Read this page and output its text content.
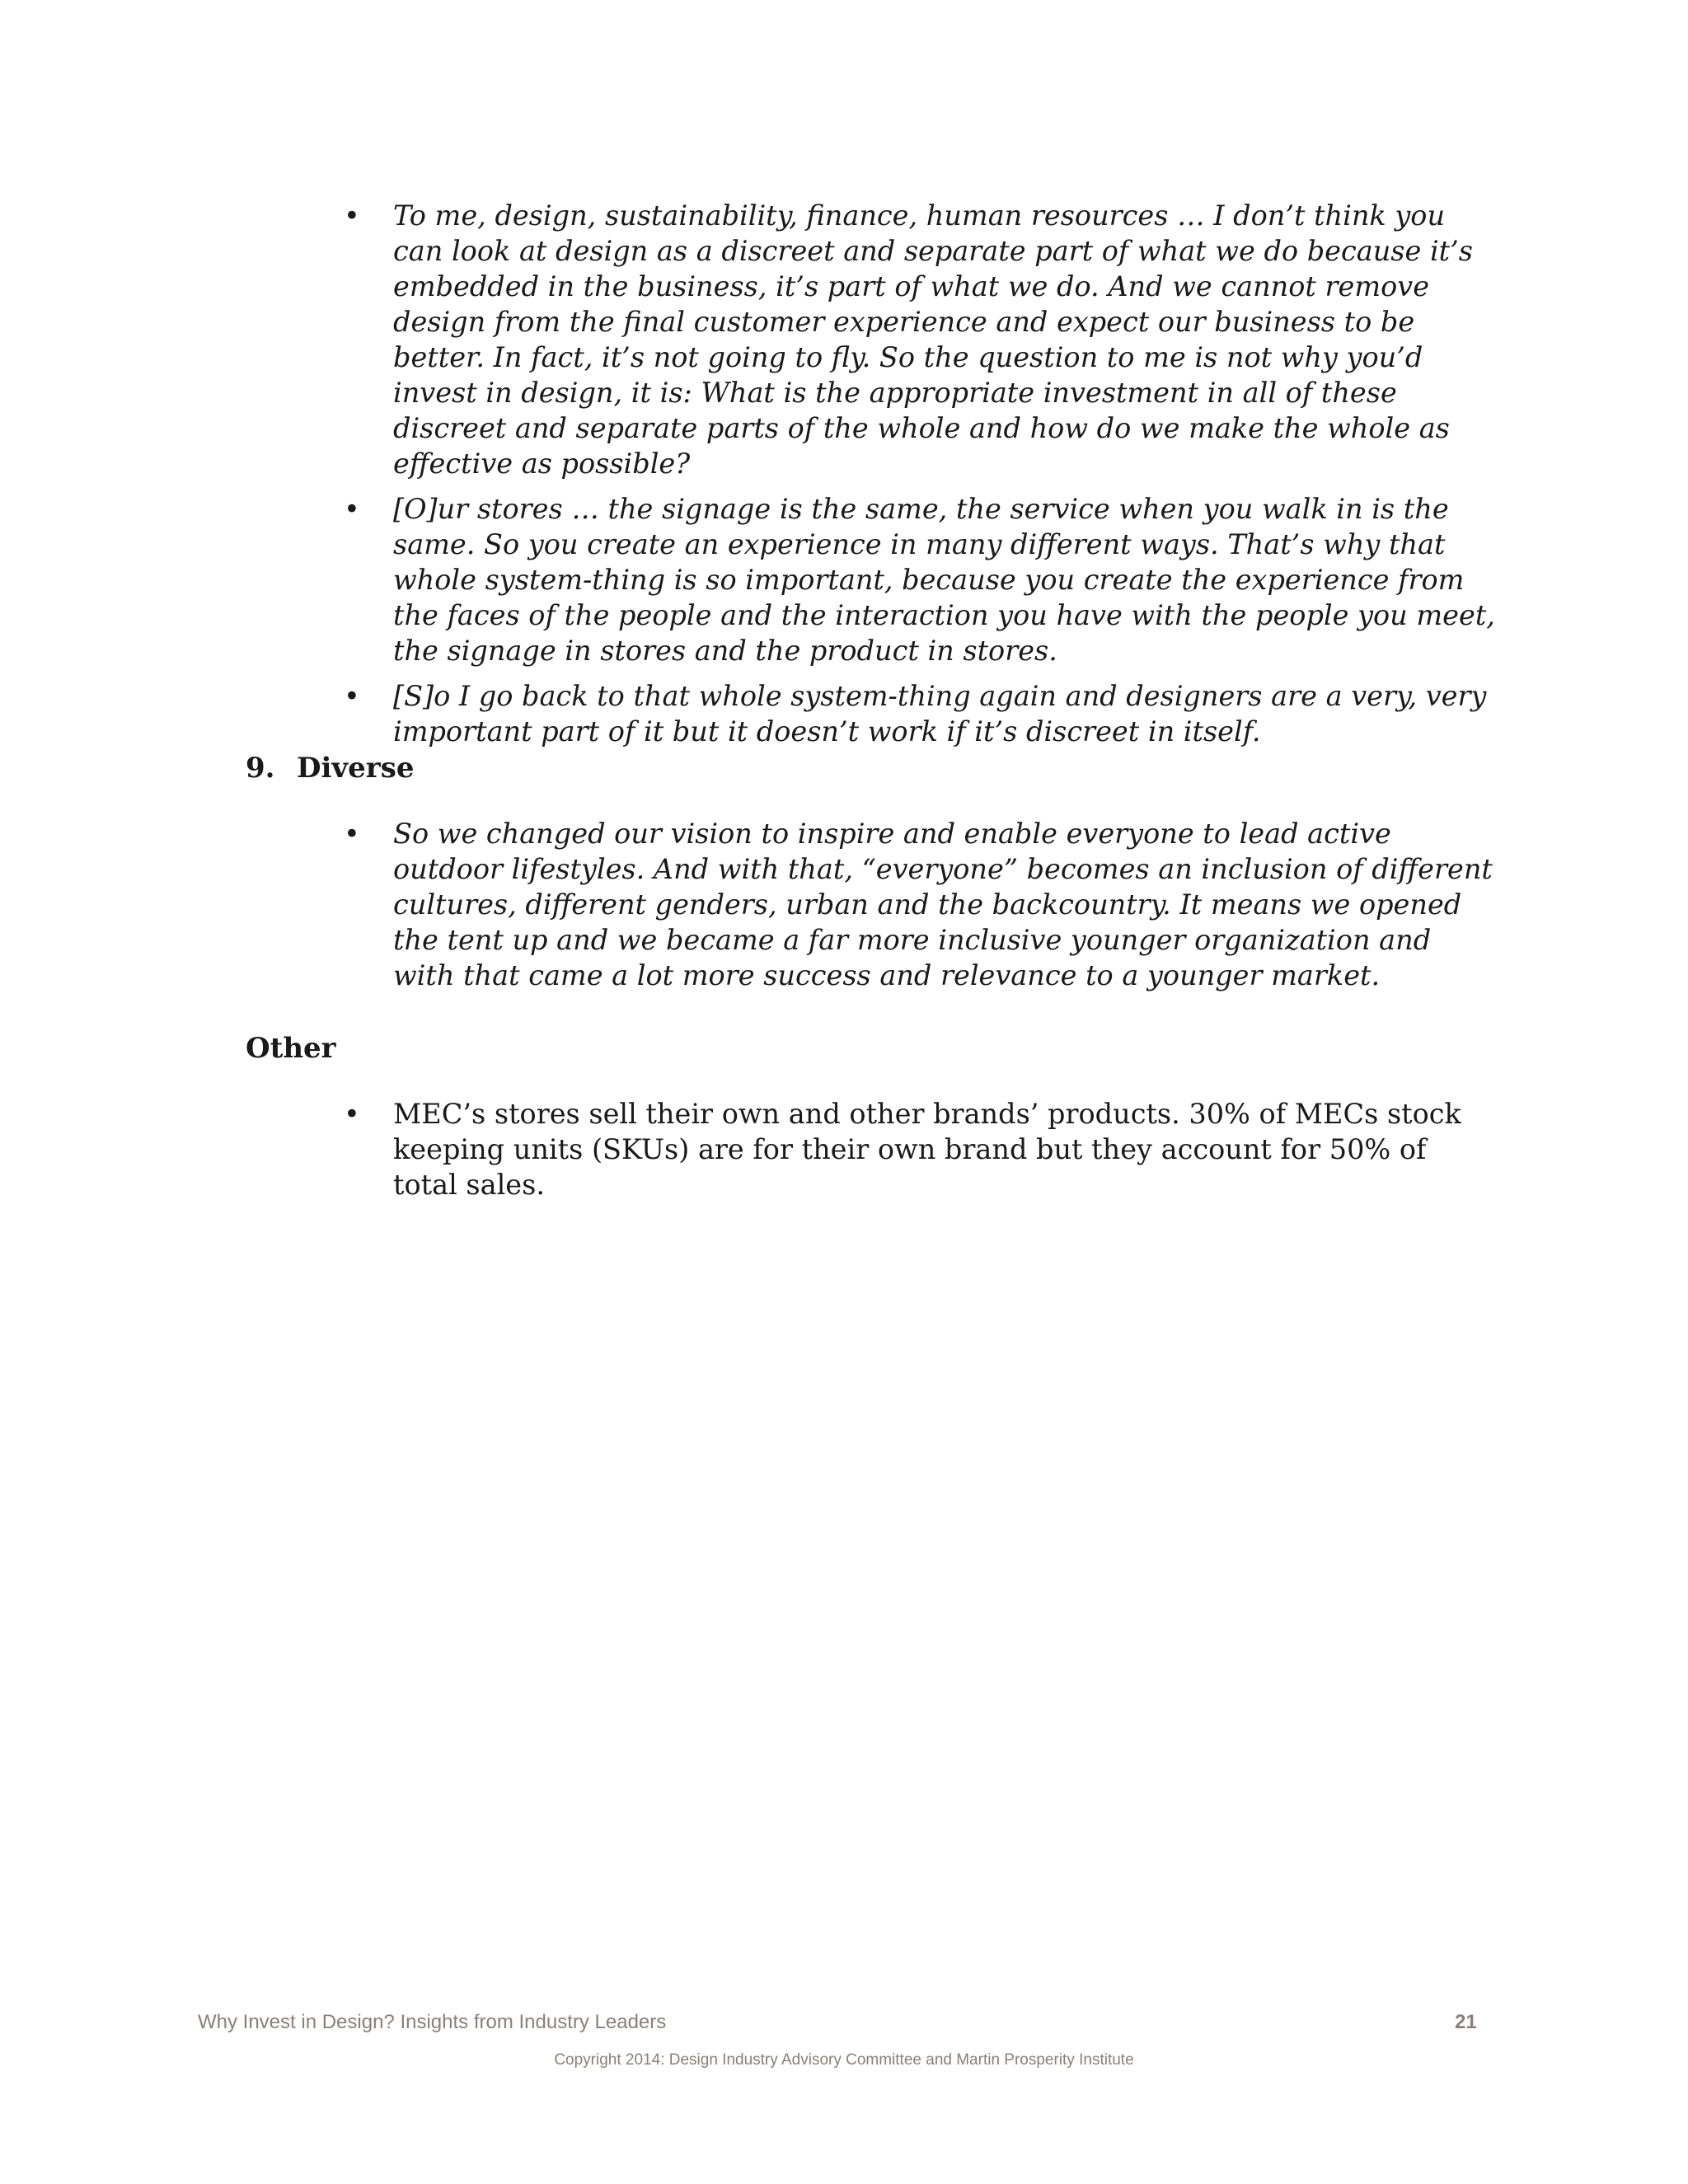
• To me, design, sustainability, finance, human resources … I don’t think you can look at design as a discreet and separate part of what we do because it’s embedded in the business, it’s part of what we do. And we cannot remove design from the final customer experience and expect our business to be better. In fact, it’s not going to fly. So the question to me is not why you’d invest in design, it is: What is the appropriate investment in all of these discreet and separate parts of the whole and how do we make the whole as effective as possible?
• [O]ur stores … the signage is the same, the service when you walk in is the same. So you create an experience in many different ways. That’s why that whole system-thing is so important, because you create the experience from the faces of the people and the interaction you have with the people you meet, the signage in stores and the product in stores.
• [S]o I go back to that whole system-thing again and designers are a very, very important part of it but it doesn’t work if it’s discreet in itself.
9. Diverse
• So we changed our vision to inspire and enable everyone to lead active outdoor lifestyles. And with that, “everyone” becomes an inclusion of different cultures, different genders, urban and the backcountry. It means we opened the tent up and we became a far more inclusive younger organization and with that came a lot more success and relevance to a younger market.
Other
• MEC’s stores sell their own and other brands’ products. 30% of MECs stock keeping units (SKUs) are for their own brand but they account for 50% of total sales.
Why Invest in Design? Insights from Industry Leaders	21
Copyright 2014: Design Industry Advisory Committee and Martin Prosperity Institute
